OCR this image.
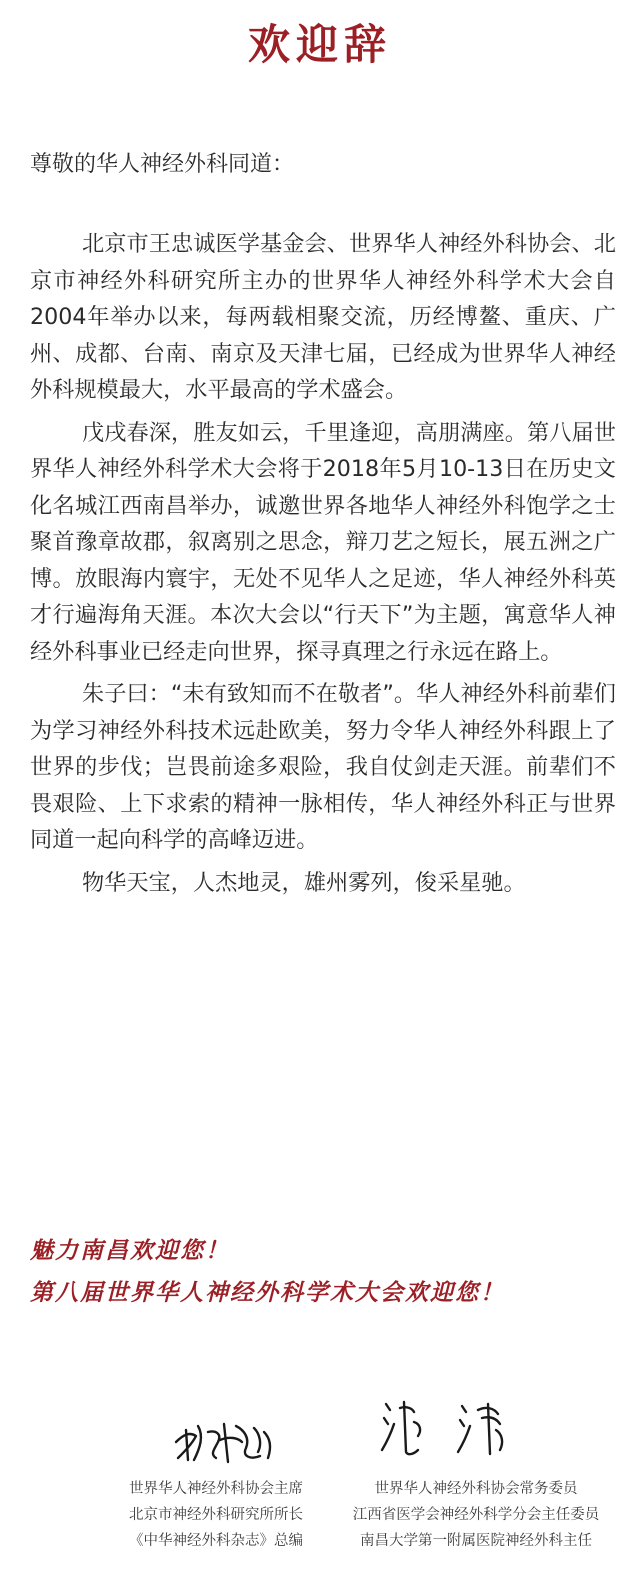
欢迎辞
尊敬的华人神经外科同道：

北京市王忠诚医学基金会、世界华人神经外科协会、北京市神经外科研究所主办的世界华人神经外科学术大会自2004年举办以来，每两载相聚交流，历经博鳌、重庆、广州、成都、台南、南京及天津七届，已经成为世界华人神经外科规模最大，水平最高的学术盛会。

戊戌春深，胜友如云，千里逢迎，高朋满座。第八届世界华人神经外科学术大会将于2018年5月10-13日在历史文化名城江西南昌举办，诚邀世界各地华人神经外科饱学之士聚首豫章故郡，叙离别之思念，辩刀艺之短长，展五洲之广博。放眼海内寰宇，无处不见华人之足迹，华人神经外科英才行遍海角天涯。本次大会以“行天下”为主题，寓意华人神经外科事业已经走向世界，探寻真理之行永远在路上。

朱子曰：“未有致知而不在敬者”。华人神经外科前辈们为学习神经外科技术远赴欧美，努力令华人神经外科跟上了世界的步伐；岂畏前途多艰险，我自仗剑走天涯。前辈们不畏艰险、上下求索的精神一脉相传，华人神经外科正与世界同道一起向科学的高峰迈进。

物华天宝，人杰地灵，雄州雾列，俊采星驰。

魅力南昌欢迎您！
第八届世界华人神经外科学术大会欢迎您！
世界华人神经外科协会主席
北京市神经外科研究所所长
《中华神经外科杂志》总编
世界华人神经外科协会常务委员
江西省医学会神经外科学分会主任委员
南昌大学第一附属医院神经外科主任
